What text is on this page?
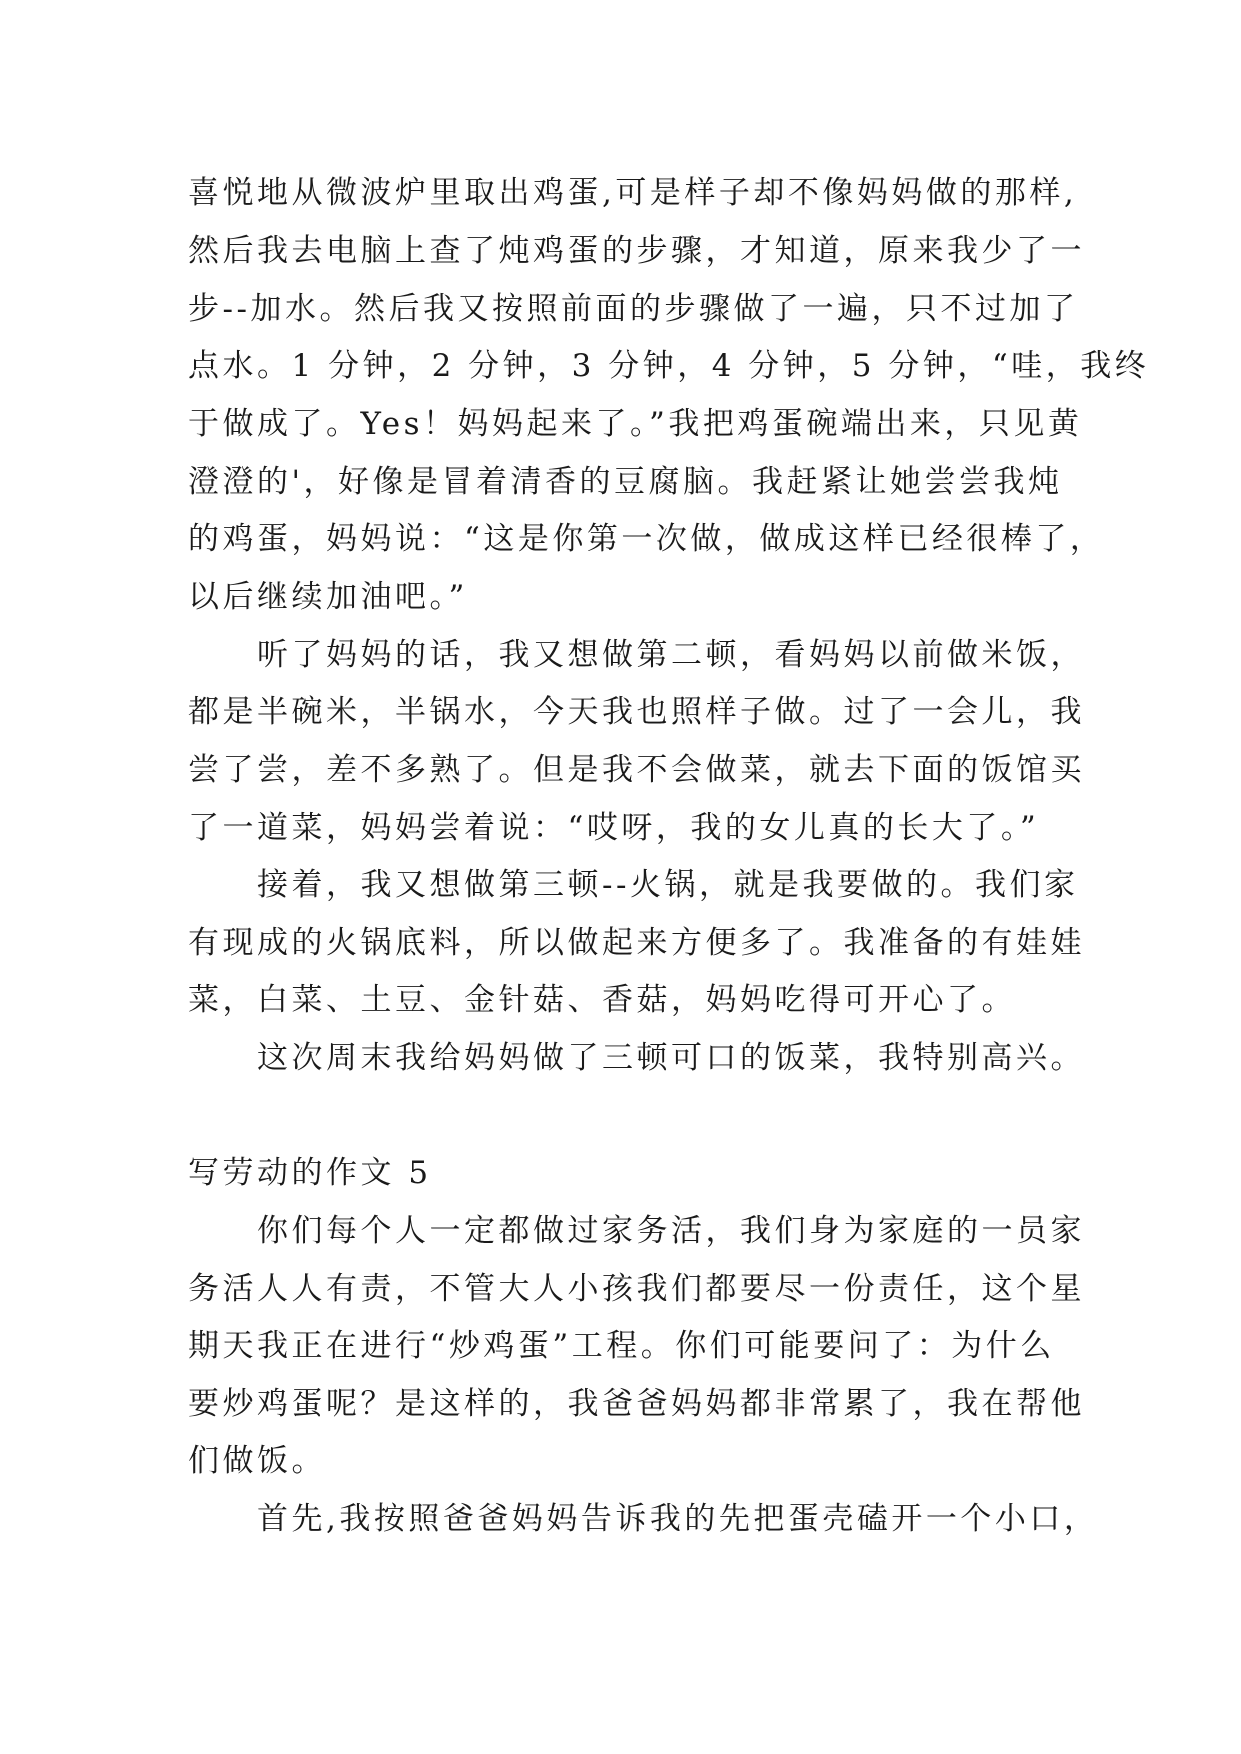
喜悦地从微波炉里取出鸡蛋,可是样子却不像妈妈做的那样,
然后我去电脑上查了炖鸡蛋的步骤，才知道，原来我少了一
步--加水。然后我又按照前面的步骤做了一遍，只不过加了
点水。1 分钟，2 分钟，3 分钟，4 分钟，5 分钟，“哇，我终
于做成了。Yes！妈妈起来了。”我把鸡蛋碗端出来，只见黄
澄澄的'，好像是冒着清香的豆腐脑。我赶紧让她尝尝我炖
的鸡蛋，妈妈说：“这是你第一次做，做成这样已经很棒了，
以后继续加油吧。”
　　听了妈妈的话，我又想做第二顿，看妈妈以前做米饭，
都是半碗米，半锅水，今天我也照样子做。过了一会儿，我
尝了尝，差不多熟了。但是我不会做菜，就去下面的饭馆买
了一道菜，妈妈尝着说：“哎呀，我的女儿真的长大了。”
　　接着，我又想做第三顿--火锅，就是我要做的。我们家
有现成的火锅底料，所以做起来方便多了。我准备的有娃娃
菜，白菜、土豆、金针菇、香菇，妈妈吃得可开心了。
　　这次周末我给妈妈做了三顿可口的饭菜，我特别高兴。
写劳动的作文 5
　　你们每个人一定都做过家务活，我们身为家庭的一员家
务活人人有责，不管大人小孩我们都要尽一份责任，这个星
期天我正在进行“炒鸡蛋”工程。你们可能要问了：为什么
要炒鸡蛋呢？是这样的，我爸爸妈妈都非常累了，我在帮他
们做饭。
　　首先,我按照爸爸妈妈告诉我的先把蛋壳磕开一个小口，
